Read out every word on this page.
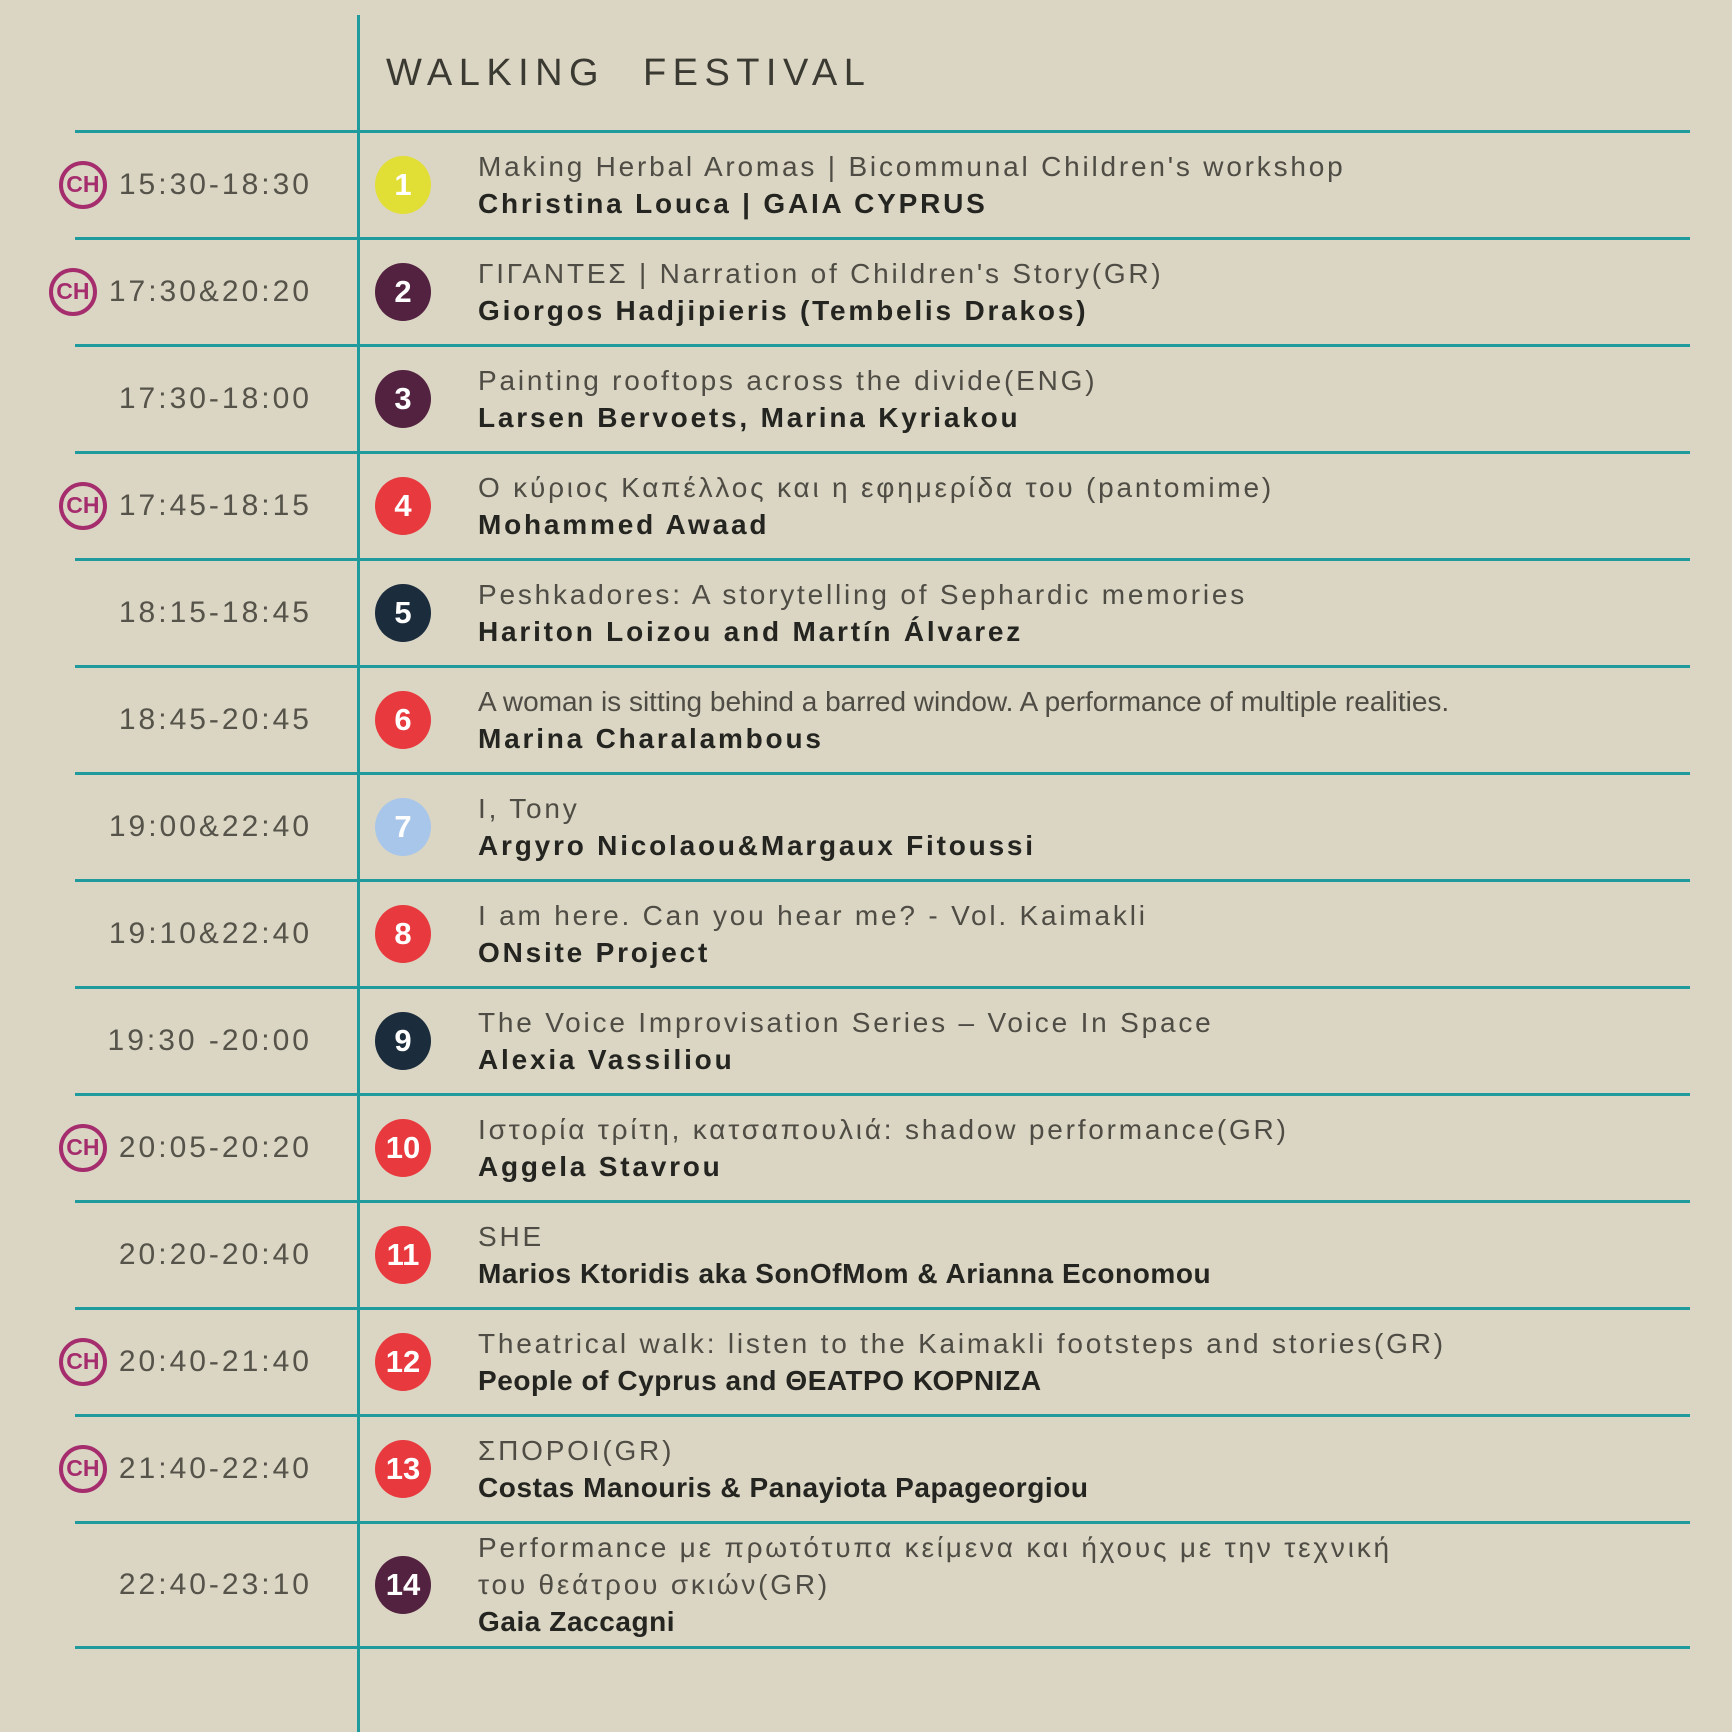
WALKING FESTIVAL
CH 15:30-18:30	1
Making Herbal Aromas | Bicommunal Children's workshop
Christina Louca | GAIA CYPRUS
CH 17:30&20:20	2
ΓΙΓΑΝΤΕΣ | Narration of Children's Story(GR)
Giorgos Hadjipieris (Tembelis Drakos)
17:30-18:00	3
Painting rooftops across the divide(ENG)
Larsen Bervoets, Marina Kyriakou
CH 17:45-18:15	4
Ο κύριος Καπέλλος και η εφημερίδα του (pantomime)
Mohammed Awaad
18:15-18:45	5
Peshkadores: A storytelling of Sephardic memories
Hariton Loizou and Martín Álvarez
18:45-20:45	6
A woman is sitting behind a barred window. A performance of multiple realities.
Marina Charalambous
19:00&22:40	7
I, Tony
Argyro Nicolaou&Margaux Fitoussi
19:10&22:40	8
I am here. Can you hear me? - Vol. Kaimakli
ONsite Project
19:30 -20:00	9
The Voice Improvisation Series – Voice In Space
Alexia Vassiliou
CH 20:05-20:20 10
Ιστορία τρίτη, κατσαπουλιά: shadow performance(GR)
Aggela Stavrou
20:20-20:40 11
SHE
Marios Ktoridis aka SonOfMom & Arianna Economou
CH 20:40-21:40 12
Theatrical walk: listen to the Kaimakli footsteps and stories(GR)
People of Cyprus and ΘΕΑΤΡΟ ΚΟΡΝΙΖΑ
CH 21:40-22:40 13
ΣΠΟΡΟΙ(GR)
Costas Manouris & Panayiota Papageorgiou
22:40-23:10 14
Performance με πρωτότυπα κείμενα και ήχους με την τεχνική
του θεάτρου σκιών(GR)
Gaia Zaccagni
